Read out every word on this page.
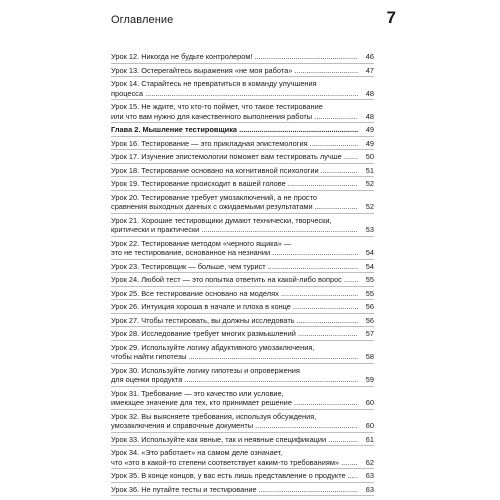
Оглавление	7
Урок 12. Никогда не будьте контролером! .....	46
Урок 13. Остерегайтесь выражения «не моя работа» .....	47
Урок 14. Старайтесь не превратиться в команду улучшения
процесса .....	48
Урок 15. Не ждите, что кто-то поймет, что такое тестирование
или что вам нужно для качественного выполнения работы .....	48
Глава 2. Мышление тестировщика .....	49
Урок 16. Тестирование — это прикладная эпистемология .....	49
Урок 17. Изучение эпистемологии поможет вам тестировать лучше .....	50
Урок 18. Тестирование основано на когнитивной психологии .....	51
Урок 19. Тестирование происходит в вашей голове .....	52
Урок 20. Тестирование требует умозаключений, а не просто
сравнения выходных данных с ожидаемыми результатами .....	52
Урок 21. Хорошие тестировщики думают технически, творчески,
критически и практически .....	53
Урок 22. Тестирование методом «черного ящика» —
это не тестирование, основанное на незнании .....	54
Урок 23. Тестировщик — больше, чем турист .....	54
Урок 24. Любой тест — это попытка ответить на какой-либо вопрос .....	55
Урок 25. Все тестирование основано на моделях .....	55
Урок 26. Интуиция хороша в начале и плоха в конце .....	56
Урок 27. Чтобы тестировать, вы должны исследовать .....	56
Урок 28. Исследование требует многих размышлений .....	57
Урок 29. Используйте логику абдуктивного умозаключения,
чтобы найти гипотезы .....	58
Урок 30. Используйте логику гипотезы и опровержения
для оценки продукта .....	59
Урок 31. Требование — это качество или условие,
имеющее значение для тех, кто принимает решение .....	60
Урок 32. Вы выясняете требования, используя обсуждения,
умозаключения и справочные документы .....	60
Урок 33. Используйте как явные, так и неявные спецификации .....	61
Урок 34. «Это работает» на самом деле означает,
что «это в какой-то степени соответствует каким-то требованиям» .....	62
Урок 35. В конце концов, у вас есть лишь представление о продукте .....	63
Урок 36. Не путайте тесты и тестирование .....	63
